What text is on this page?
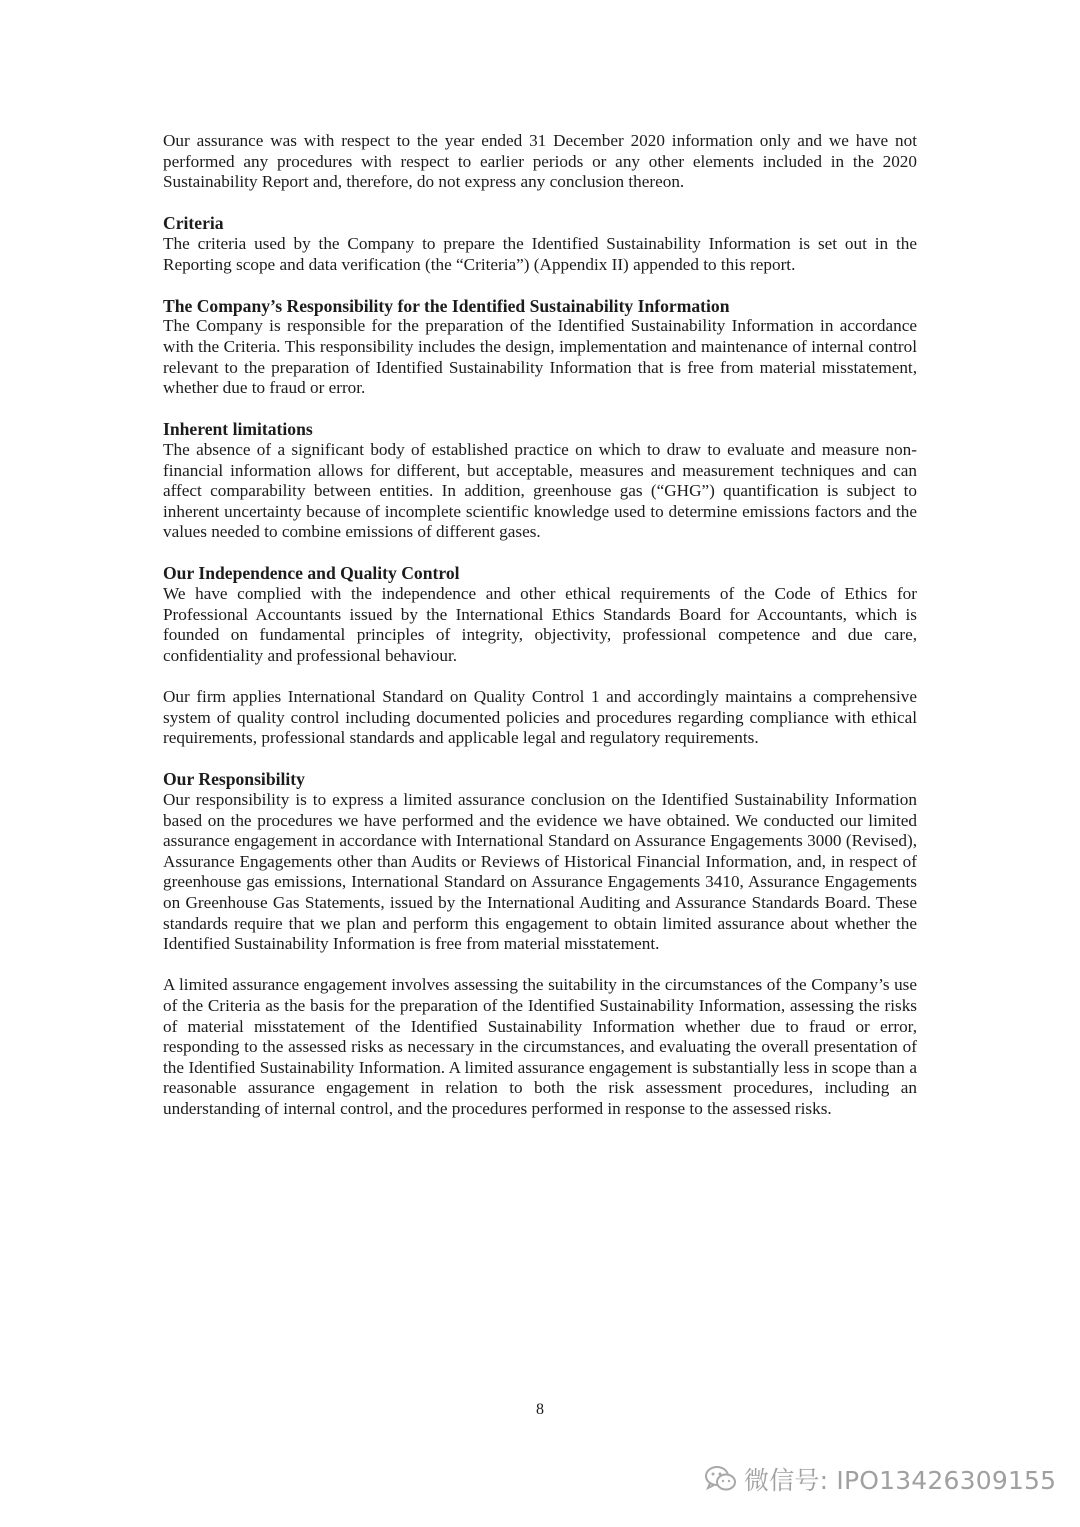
Our assurance was with respect to the year ended 31 December 2020 information only and we have not performed any procedures with respect to earlier periods or any other elements included in the 2020 Sustainability Report and, therefore, do not express any conclusion thereon.

Criteria

The criteria used by the Company to prepare the Identified Sustainability Information is set out in the Reporting scope and data verification (the “Criteria”) (Appendix II) appended to this report.

The Company’s Responsibility for the Identified Sustainability Information

The Company is responsible for the preparation of the Identified Sustainability Information in accordance with the Criteria. This responsibility includes the design, implementation and maintenance of internal control relevant to the preparation of Identified Sustainability Information that is free from material misstatement, whether due to fraud or error.

Inherent limitations

The absence of a significant body of established practice on which to draw to evaluate and measure non- financial information allows for different, but acceptable, measures and measurement techniques and can affect comparability between entities. In addition, greenhouse gas (“GHG”) quantification is subject to inherent uncertainty because of incomplete scientific knowledge used to determine emissions factors and the values needed to combine emissions of different gases.

Our Independence and Quality Control

We have complied with the independence and other ethical requirements of the Code of Ethics for Professional Accountants issued by the International Ethics Standards Board for Accountants, which is founded on fundamental principles of integrity, objectivity, professional competence and due care, confidentiality and professional behaviour.

Our firm applies International Standard on Quality Control 1 and accordingly maintains a comprehensive system of quality control including documented policies and procedures regarding compliance with ethical requirements, professional standards and applicable legal and regulatory requirements.

Our Responsibility

Our responsibility is to express a limited assurance conclusion on the Identified Sustainability Information based on the procedures we have performed and the evidence we have obtained. We conducted our limited assurance engagement in accordance with International Standard on Assurance Engagements 3000 (Revised), Assurance Engagements other than Audits or Reviews of Historical Financial Information, and, in respect of greenhouse gas emissions, International Standard on Assurance Engagements 3410, Assurance Engagements on Greenhouse Gas Statements, issued by the International Auditing and Assurance Standards Board. These standards require that we plan and perform this engagement to obtain limited assurance about whether the Identified Sustainability Information is free from material misstatement.

A limited assurance engagement involves assessing the suitability in the circumstances of the Company’s use of the Criteria as the basis for the preparation of the Identified Sustainability Information, assessing the risks of material misstatement of the Identified Sustainability Information whether due to fraud or error, responding to the assessed risks as necessary in the circumstances, and evaluating the overall presentation of the Identified Sustainability Information. A limited assurance engagement is substantially less in scope than a reasonable assurance engagement in relation to both the risk assessment procedures, including an understanding of internal control, and the procedures performed in response to the assessed risks.

8
微信号: IPO13426309155
